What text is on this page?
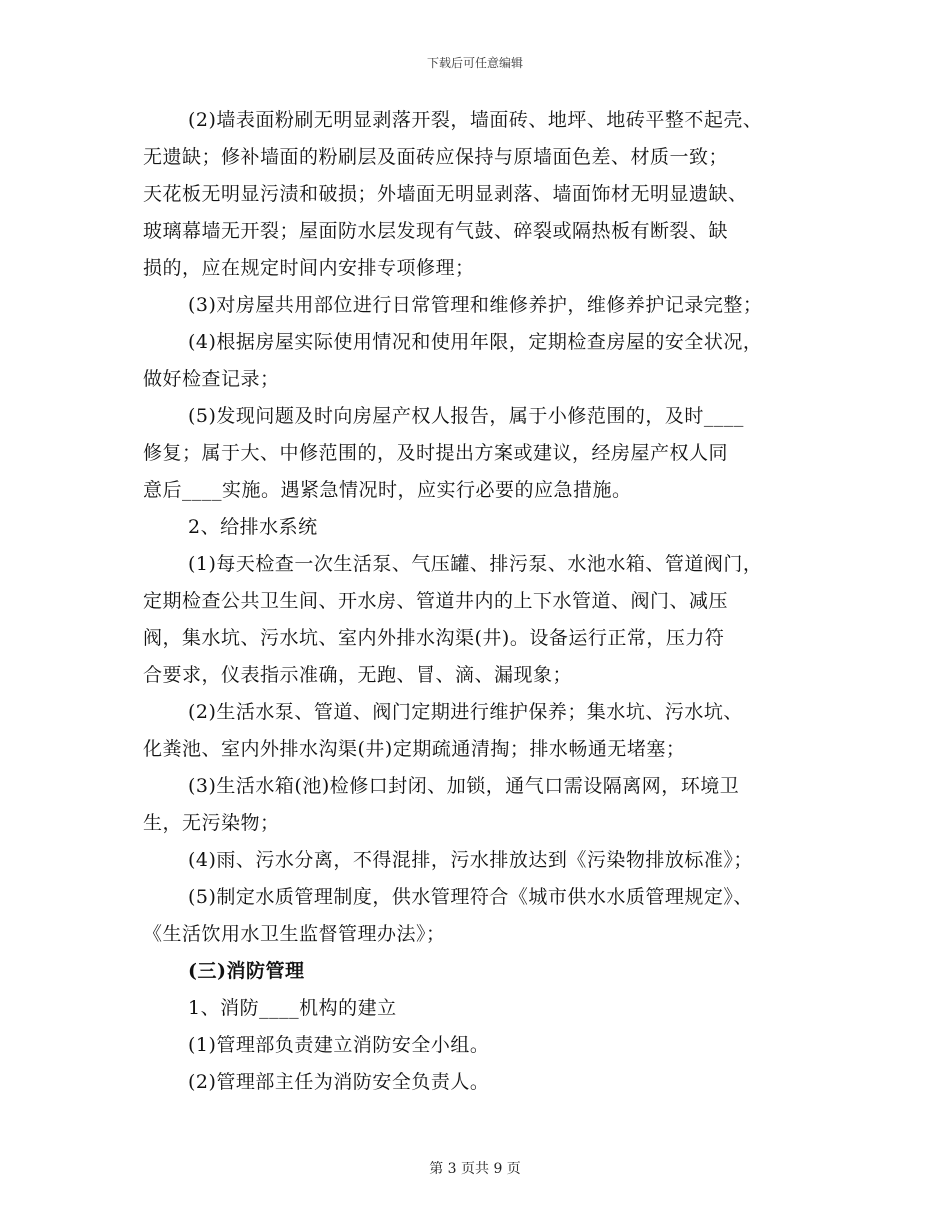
下载后可任意编辑
(2)墙表面粉刷无明显剥落开裂，墙面砖、地坪、地砖平整不起壳、
无遗缺；修补墙面的粉刷层及面砖应保持与原墙面色差、材质一致；
天花板无明显污渍和破损；外墙面无明显剥落、墙面饰材无明显遗缺、
玻璃幕墙无开裂；屋面防水层发现有气鼓、碎裂或隔热板有断裂、缺
损的，应在规定时间内安排专项修理；
(3)对房屋共用部位进行日常管理和维修养护，维修养护记录完整；
(4)根据房屋实际使用情况和使用年限，定期检查房屋的安全状况，
做好检查记录；
(5)发现问题及时向房屋产权人报告，属于小修范围的，及时____
修复；属于大、中修范围的，及时提出方案或建议，经房屋产权人同
意后____实施。遇紧急情况时，应实行必要的应急措施。
2、给排水系统
(1)每天检查一次生活泵、气压罐、排污泵、水池水箱、管道阀门，
定期检查公共卫生间、开水房、管道井内的上下水管道、阀门、减压
阀，集水坑、污水坑、室内外排水沟渠(井)。设备运行正常，压力符
合要求，仪表指示准确，无跑、冒、滴、漏现象；
(2)生活水泵、管道、阀门定期进行维护保养；集水坑、污水坑、
化粪池、室内外排水沟渠(井)定期疏通清掏；排水畅通无堵塞；
(3)生活水箱(池)检修口封闭、加锁，通气口需设隔离网，环境卫
生，无污染物；
(4)雨、污水分离，不得混排，污水排放达到《污染物排放标准》；
(5)制定水质管理制度，供水管理符合《城市供水水质管理规定》、
《生活饮用水卫生监督管理办法》；
(三)消防管理
1、消防____机构的建立
(1)管理部负责建立消防安全小组。
(2)管理部主任为消防安全负责人。
第 3 页共 9 页
